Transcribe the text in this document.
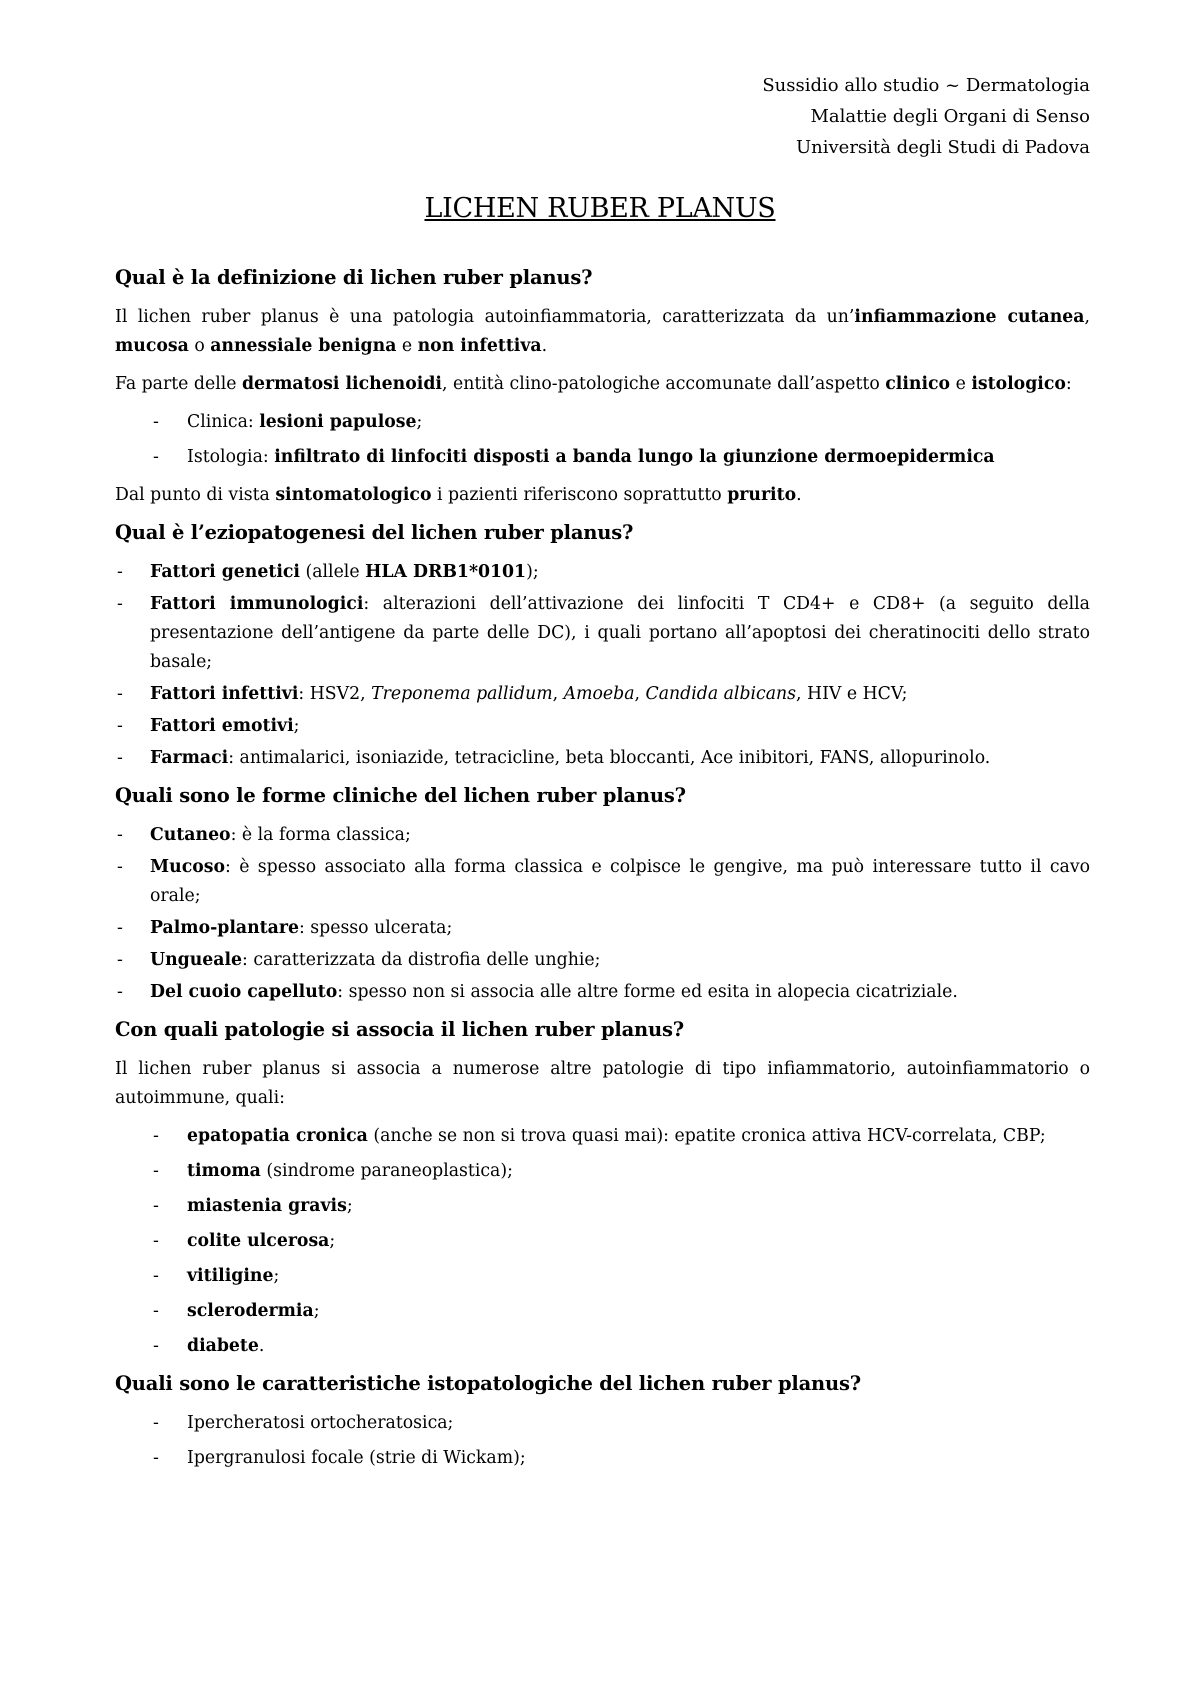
Sussidio allo studio ~ Dermatologia
Malattie degli Organi di Senso
Università degli Studi di Padova
LICHEN RUBER PLANUS
Qual è la definizione di lichen ruber planus?

Il lichen ruber planus è una patologia autoinfiammatoria, caratterizzata da un’infiammazione cutanea, mucosa o annessiale benigna e non infettiva.

Fa parte delle dermatosi lichenoidi, entità clino-patologiche accomunate dall’aspetto clinico e istologico:

- Clinica: lesioni papulose;
- Istologia: infiltrato di linfociti disposti a banda lungo la giunzione dermoepidermica

Dal punto di vista sintomatologico i pazienti riferiscono soprattutto prurito.

Qual è l’eziopatogenesi del lichen ruber planus?
- Fattori genetici (allele HLA DRB1*0101);
- Fattori immunologici: alterazioni dell’attivazione dei linfociti T CD4+ e CD8+ (a seguito della presentazione dell’antigene da parte delle DC), i quali portano all’apoptosi dei cheratinociti dello strato basale;
- Fattori infettivi: HSV2, Treponema pallidum, Amoeba, Candida albicans, HIV e HCV;
- Fattori emotivi;
- Farmaci: antimalarici, isoniazide, tetracicline, beta bloccanti, Ace inibitori, FANS, allopurinolo.
Quali sono le forme cliniche del lichen ruber planus?
- Cutaneo: è la forma classica;
- Mucoso: è spesso associato alla forma classica e colpisce le gengive, ma può interessare tutto il cavo orale;
- Palmo-plantare: spesso ulcerata;
- Ungueale: caratterizzata da distrofia delle unghie;
- Del cuoio capelluto: spesso non si associa alle altre forme ed esita in alopecia cicatriziale.
Con quali patologie si associa il lichen ruber planus?

Il lichen ruber planus si associa a numerose altre patologie di tipo infiammatorio, autoinfiammatorio o autoimmune, quali:

- epatopatia cronica (anche se non si trova quasi mai): epatite cronica attiva HCV-correlata, CBP;
- timoma (sindrome paraneoplastica);
- miastenia gravis;
- colite ulcerosa;
- vitiligine;
- sclerodermia;
- diabete.
Quali sono le caratteristiche istopatologiche del lichen ruber planus?
- Ipercheratosi ortocheratosica;
- Ipergranulosi focale (strie di Wickam);
